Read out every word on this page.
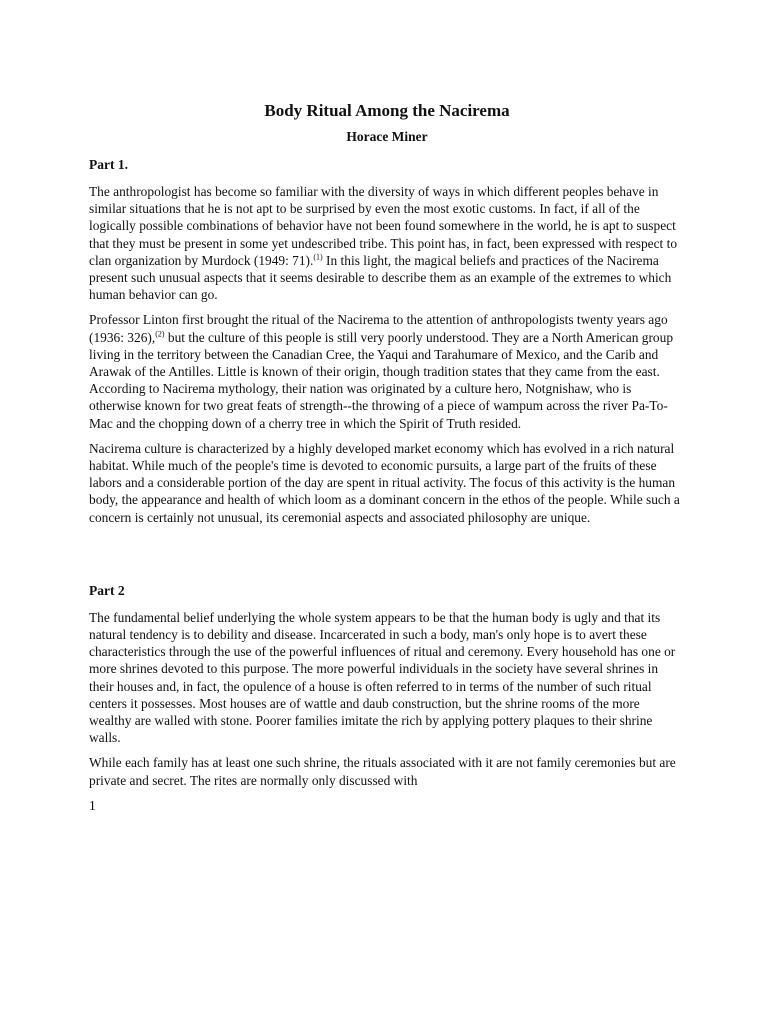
Body Ritual Among the Nacirema
Horace Miner
Part 1.

The anthropologist has become so familiar with the diversity of ways in which different peoples behave in similar situations that he is not apt to be surprised by even the most exotic customs. In fact, if all of the logically possible combinations of behavior have not been found somewhere in the world, he is apt to suspect that they must be present in some yet undescribed tribe. This point has, in fact, been expressed with respect to clan organization by Murdock (1949: 71).$^{(1)}$ In this light, the magical beliefs and practices of the Nacirema present such unusual aspects that it seems desirable to describe them as an example of the extremes to which human behavior can go.

Professor Linton first brought the ritual of the Nacirema to the attention of anthropologists twenty years ago (1936: 326),$^{(2)}$ but the culture of this people is still very poorly understood. They are a North American group living in the territory between the Canadian Cree, the Yaqui and Tarahumare of Mexico, and the Carib and Arawak of the Antilles. Little is known of their origin, though tradition states that they came from the east. According to Nacirema mythology, their nation was originated by a culture hero, Notgnishaw, who is otherwise known for two great feats of strength--the throwing of a piece of wampum across the river Pa-To-Mac and the chopping down of a cherry tree in which the Spirit of Truth resided.

Nacirema culture is characterized by a highly developed market economy which has evolved in a rich natural habitat. While much of the people's time is devoted to economic pursuits, a large part of the fruits of these labors and a considerable portion of the day are spent in ritual activity. The focus of this activity is the human body, the appearance and health of which loom as a dominant concern in the ethos of the people. While such a concern is certainly not unusual, its ceremonial aspects and associated philosophy are unique.

Part 2

The fundamental belief underlying the whole system appears to be that the human body is ugly and that its natural tendency is to debility and disease. Incarcerated in such a body, man's only hope is to avert these characteristics through the use of the powerful influences of ritual and ceremony. Every household has one or more shrines devoted to this purpose. The more powerful individuals in the society have several shrines in their houses and, in fact, the opulence of a house is often referred to in terms of the number of such ritual centers it possesses. Most houses are of wattle and daub construction, but the shrine rooms of the more wealthy are walled with stone. Poorer families imitate the rich by applying pottery plaques to their shrine walls.

While each family has at least one such shrine, the rituals associated with it are not family ceremonies but are private and secret. The rites are normally only discussed with

1
